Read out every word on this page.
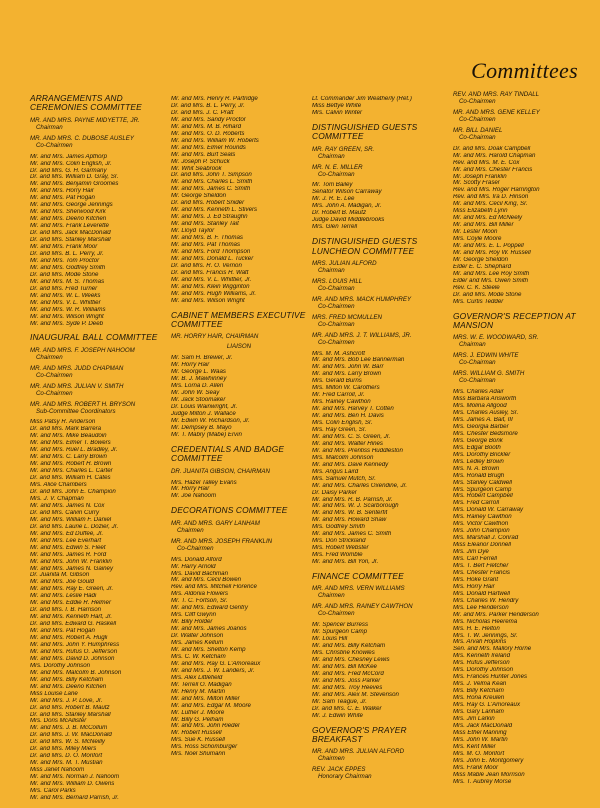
Committees
ARRANGEMENTS AND CEREMONIES COMMITTEE
MR. AND MRS. PAYNE MIDYETTE, JR.
Chairman
MR. AND MRS. C. DUBOSE AUSLEY
Co-Chairmen
Mr. and Mrs. James Apthorp
Mr. and Mrs. Colin English, Jr.
Dr. and Mrs. G. H. Garmany
Dr. and Mrs. William D. Gray, Sr.
Mr. and Mrs. Benjamin Groomes
Mr. and Mrs. Horry Hair
Mr. and Mrs. Pat Hogan
Mr. and Mrs. George Jennings
Mr. and Mrs. Sherwood Kirk
Mr. and Mrs. Deeno Kitchen
Mr. and Mrs. Frank Leverette
Dr. and Mrs. Jack MacDonald
Dr. and Mrs. Stanley Marshall
Mr. and Mrs. Frank Moor
Dr. and Mrs. B. L. Perry, Jr.
Mr. and Mrs. Tom Proctor
Mr. and Mrs. Godfrey Smith
Dr. and Mrs. Mode Stone
Mr. and Mrs. M. S. Thomas
Dr. and Mrs. Fred Turner
Mr. and Mrs. W. L. Weeks
Mr. and Mrs. V. L. Whittier
Mr. and Mrs. W. R. Williams
Mr. and Mrs. Wilson Wright
Mr. and Mrs. Syde P. Deeb
INAUGURAL BALL COMMITTEE
MR. AND MRS. F. JOSEPH NAHOOM
Chairmen
MR. AND MRS. JUDD CHAPMAN
Co-Chairmen
MR. AND MRS. JULIAN V. SMITH
Co-Chairmen
MR. AND MRS. ROBERT H. BRYSON
Sub-Committee Coordinators
Miss Patsy R. Anderson
Dr. and Mrs. Mark Barrera
Mr. and Mrs. Mike Beaudoin
Mr. and Mrs. Elmer T. Bowers
Mr. and Mrs. Ruel L. Bradley, Jr.
Mr. and Mrs. C. Larry Brown
Mr. and Mrs. Robert H. Brown
Mr. and Mrs. Charles L. Carter
Dr. and Mrs. William H. Cates
Mrs. Alice Chambers
Dr. and Mrs. John E. Champion
Mrs. J. V. Chapman
Mr. and Mrs. James N. Cox
Dr. and Mrs. Calvin Curry
Mr. and Mrs. William F. Daniel
Dr. and Mrs. Laurie L. Dozier, Jr.
Mr. and Mrs. Ed Duffee, Jr.
Mr. and Mrs. Lee Everhart
Mr. and Mrs. Edwin S. Fleet
Mr. and Mrs. James R. Ford
Mr. and Mrs. John W. Franklin
Mr. and Mrs. James N. Gainey
Dr. Juanita M. Gibson
Mr. and Mrs. Joe Gould
Mr. and Mrs. Ray E. Green, Jr.
Mr. and Mrs. Leslie Hadi
Mr. and Mrs. Eddie R. Helmer
Dr. and Mrs. I. B. Harrison
Mr. and Mrs. Kenneth Hart, Jr.
Dr. and Mrs. Edward G. Haskell
Mr. and Mrs. Pat Hogan
Mr. and Mrs. Robert A. Hugli
Mr. and Mrs. John Y. Humphress
Mr. and Mrs. Rufus O. Jefferson
Mr. and Mrs. David D. Johnson
Mrs. Dorothy Johnson
Mr. and Mrs. Malcolm B. Johnson
Mr. and Mrs. Billy Ketcham
Mr. and Mrs. Deeno Kitchen
Miss Louise Lane
Mr. and Mrs. J. P. Love, Jr.
Dr. and Mrs. Robert B. Mautz
Dr. and Mrs. Stanley Marshall
Mrs. Doris McAllister
Mr. and Mrs. J. B. McCollum
Dr. and Mrs. J. W. MacDonald
Dr. and Mrs. W. S. McNeilly
Dr. and Mrs. Miley Miers
Dr. and Mrs. D. O. Monfort
Mr. and Mrs. M. T. Mustian
Miss Janet Nahoom
Mr. and Mrs. Norman J. Nahoom
Mr. and Mrs. William D. Owens
Mrs. Carol Parks
Mr. and Mrs. Bernard Parrish, Jr.
Mr. and Mrs. Henry R. Partridge
Dr. and Mrs. B. L. Perry, Jr.
Dr. and Mrs. J. C. Pratt
Mr. and Mrs. Sandy Proctor
Mr. and Mrs. M. B. Rihard
Mr. and Mrs. O. D. Roberts
Mr. and Mrs. William W. Roberts
Mr. and Mrs. Elmer Rounds
Mr. and Mrs. Burt Seals
Mr. Joseph P. Schuck
Mr. Whit Seabrook
Dr. and Mrs. John T. Simpson
Mr. and Mrs. Charles L. Smith
Mr. and Mrs. James C. Smith
Mr. George Sheldon
Dr. and Mrs. Robert Snider
Mr. and Mrs. Kenneth L. Stivers
Mr. and Mrs. J. Ed Straughn
Mr. and Mrs. Stanley Tait
Mr. Lloyd Taylor
Mr. and Mrs. B. F. Thomas
Mr. and Mrs. Pat Thomas
Mr. and Mrs. Ford Thompson
Mr. and Mrs. Donald L. Tucker
Dr. and Mrs. R. O. Vernon
Dr. and Mrs. Francis H. Watt
Mr. and Mrs. V. L. Whittier, Jr.
Mr. and Mrs. Klein Wigginton
Mr. and Mrs. Hugh Williams, Jr.
Mr. and Mrs. Wilson Wright
CABINET MEMBERS EXECUTIVE COMMITTEE
MR. HORRY HAIR, CHAIRMAN
LIAISON
Mr. Sam H. Brewer, Jr.
Mr. Horry Hair
Mr. George L. Waas
Mr. B. J. Mawhinney
Mrs. Lorna D. Allen
Mr. John W. Seay
Mr. Jack Stoomaker
Dr. Louis Wainwright, Jr.
Judge Milton J. Wallace
Mr. Edwin W. Richardson, Jr.
Mr. Dempsey B. Mayo
Mr. T. Mabry (Mabe) Ervin
CREDENTIALS AND BADGE COMMITTEE
DR. JUANITA GIBSON, CHAIRMAN
Mrs. Hazel Talley Evans
Mr. Horry Hair
Mr. Joe Nahoom
DECORATIONS COMMITTEE
MR. AND MRS. GARY LANHAM
Chairmen
MR. AND MRS. JOSEPH FRANKLIN
Co-Chairmen
Mrs. Donald Alford
Mr. Harry Arnold
Mrs. David Bachman
Mr. and Mrs. Cecil Bowen
Rev. and Mrs. Mitchell Florence
Mrs. Aldonia Flowers
Mr. T. C. Fortson, Sr.
Mr. and Mrs. Edward Gentry
Mrs. Cliff Gwynn
Mr. Billy Holder
Mr. and Mrs. James Joanos
Dr. Walter Johnson
Mrs. James Kellum
Mr. and Mrs. Shelton Kemp
Mrs. C. W. Ketcham
Mr. and Mrs. Ray G. L'Amoreaux
Mr. and Mrs. J. W. Landers, Jr.
Mrs. Alex Littlefield
Mr. Terrell O. Madigan
Mr. Henry M. Martin
Mr. and Mrs. Milton Miller
Mr. and Mrs. Edgar M. Moore
Mr. Luther J. Moore
Mr. Billy G. Pelham
Mr. and Mrs. John Riedel
Mr. Robert Russell
Mrs. Sue K. Russell
Mrs. Ross Schomburger
Mrs. Noel Shumann
Lt. Commander Jim Weatherly (Ret.)
Miss Bettye White
Mrs. Calvin Winter
DISTINGUISHED GUESTS COMMITTEE
MR. RAY GREEN, SR.
Chairman
MR. N. E. MILLER
Co-Chairman
Mr. Tom Bailey
Senator Wilson Carraway
Mr. J. R. E. Lee
Mrs. John A. Madigan, Jr.
Dr. Robert B. Mautz
Judge David Middlebrooks
Mrs. Glen Terrell
DISTINGUISHED GUESTS LUNCHEON COMMITTEE
MRS. JULIAN ALFORD
Chairman
MRS. LOUIS HILL
Co-Chairman
MR. AND MRS. MACK HUMPHREY
Co-Chairmen
MRS. FRED MCMULLEN
Co-Chairman
MR. AND MRS. J. T. WILLIAMS, JR.
Co-Chairmen
Mrs. M. M. Ashcroft
Mr. and Mrs. Bob Lee Bannerman
Mr. and Mrs. John W. Barr
Mr. and Mrs. Larry Brown
Mrs. Gerald Burns
Mrs. Milton W. Carothers
Mr. Fred Carroll, Jr.
Mrs. Rainey Cawthon
Mr. and Mrs. Harvey T. Cotten
Mr. and Mrs. Ben H. Davis
Mrs. Colin English, Sr.
Mrs. Ray Green, Sr.
Mr. and Mrs. C. S. Green, Jr.
Mr. and Mrs. Walter Hines
Mr. and Mrs. Prentiss Huddleston
Mrs. Malcolm Johnson
Mr. and Mrs. Dave Kennedy
Mrs. Angus Laird
Mrs. Samuel Mutch, Sr.
Mr. and Mrs. Charles Oxendine, Jr.
Dr. Daisy Parker
Mr. and Mrs. R. B. Parrish, Jr.
Mr. and Mrs. W. J. Scarborough
Mr. and Mrs. W. B. Senterfit
Mr. and Mrs. Howard Shaw
Mrs. Godfrey Smith
Mr. and Mrs. James C. Smith
Mrs. Don Strickland
Mrs. Robert Webster
Mrs. Fred Womble
Mr. and Mrs. Bill Yon, Jr.
FINANCE COMMITTEE
MR. AND MRS. VERN WILLIAMS
Chairmen
MR. AND MRS. RAINEY CAWTHON
Co-Chairmen
Mr. Spencer Burress
Mr. Spurgeon Camp
Mr. Louis Hill
Mr. and Mrs. Billy Ketcham
Mrs. Christine Knowles
Mr. and Mrs. Chesney Lewis
Mr. and Mrs. Bill McKee
Mr. and Mrs. Fred McCord
Mr. and Mrs. Joss Parker
Mr. and Mrs. Troy Reeves
Mr. and Mrs. Alex M. Stevenson
Mr. Sam Teague, Jr.
Dr. and Mrs. C. E. Walker
Mr. J. Edwin White
GOVERNOR'S PRAYER BREAKFAST
MR. AND MRS. JULIAN ALFORD
Chairmen
REV. JACK EPPES
Honorary Chairman
REV. AND MRS. RAY TINDALL
Co-Chairmen
MR. AND MRS. GENE KELLEY
Co-Chairmen
MR. BILL DANIEL
Co-Chairman
Dr. and Mrs. Doak Campbell
Mr. and Mrs. Harold Chapman
Rev. and Mrs. M. E. Cox
Mr. and Mrs. Chester Francis
Mr. Joseph Franklin
Mr. Scotty Fraser
Rev. and Mrs. Roger Harrington
Rev. and Mrs. Ira D. Hinson
Mr. and Mrs. Cecil King, Sr.
Miss Elizabeth Lynn
Mr. and Mrs. Ed McNeely
Mr. and Mrs. Bill Miller
Mr. Lester Moon
Mrs. Coyle Moore
Mr. and Mrs. E. L. Poppell
Mr. and Mrs. Roy W. Russell
Mr. George Sheldon
Elder E. C. Shephard
Mr. and Mrs. Lee Roy Smith
Elder and Mrs. Owen Smith
Rev. C. K. Steele
Dr. and Mrs. Mode Stone
Mrs. Curtis Tedder
GOVERNOR'S RECEPTION AT MANSION
MRS. W. E. WOODWARD, SR.
Chairman
MRS. J. EDWIN WHITE
Co-Chairman
MRS. WILLIAM G. SMITH
Co-Chairman
Mrs. Charles Adair
Miss Barbara Answorth
Mrs. Molina Allgood
Mrs. Charles Ausley, Sr.
Mrs. James A. Bait, III
Mrs. Georgia Barber
Mrs. Chester Bedsmore
Mrs. George Bonk
Mrs. Edgar Booth
Mrs. Dorothy Brickler
Mrs. Ledley Brown
Mrs. N. A. Brown
Mrs. Ronald Brugh
Mrs. Stanley Caldwell
Mrs. Spurgeon Camp
Mrs. Robert Campbell
Mrs. Fred Carroll
Mrs. Donald W. Carraway
Mrs. Rainey Cawthon
Mrs. Victor Cawthon
Mrs. John Champion
Mrs. Marshall J. Conrad
Miss Eleanor Donnell
Mrs. Jim Dye
Mrs. Carl Ferrell
Mrs. T. Bert Fletcher
Mrs. Chester Francis
Mrs. Hoke Grant
Mrs. Horry Hair
Mrs. Donald Hartwell
Mrs. Charles W. Hendry
Mrs. Lee Henderson
Mr. and Mrs. Parker Henderson
Mrs. Nicholas Heerema
Mrs. H. E. Helton
Mrs. T. W. Jennings, Sr.
Mrs. Arvah Hopkins
Sen. and Mrs. Mallory Horne
Mrs. Kenneth Ireland
Mrs. Rufus Jefferson
Mrs. Dorothy Johnson
Mrs. Frances Hunter Jones
Mrs. J. Velma Kean
Mrs. Billy Ketcham
Mrs. Rona Kreulen
Mrs. Ray G. L'Amoreaux
Mrs. Gary Lanham
Mrs. Jim Larkin
Mrs. Jack MacDonald
Miss Ethel Manning
Mrs. John W. Martin
Mrs. Kent Miller
Mrs. M. O. Monfort
Mrs. John E. Montgomery
Mrs. Frank Moor
Miss Mable Jean Morrison
Mrs. T. Aubrey Morse
